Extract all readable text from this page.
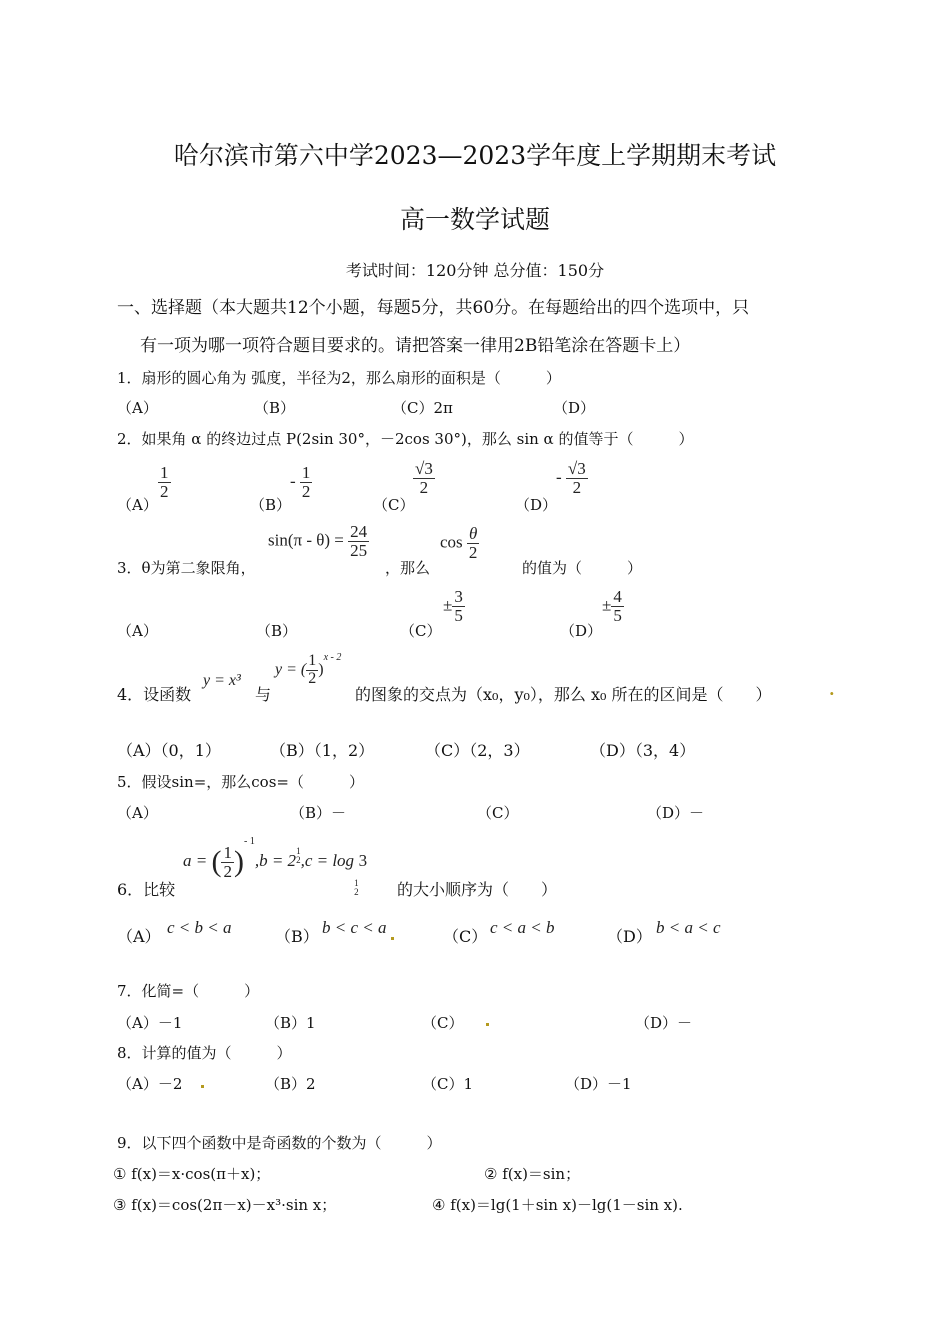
哈尔滨市第六中学2023—2023学年度上学期期末考试
高一数学试题
考试时间：120分钟 总分值：150分
一、选择题（本大题共12个小题，每题5分，共60分。在每题给出的四个选项中，只
有一项为哪一项符合题目要求的。请把答案一律用2B铅笔涂在答题卡上）
1．扇形的圆心角为 弧度，半径为2，那么扇形的面积是（　　　）
（A）	（B）	（C）2π	（D）
2．如果角 α 的终边过点 P(2sin 30°，－2cos 30°)，那么 sin α 的值等于（　　　）
（A）
$\frac{1}{2}$
（B）
- $\frac{1}{2}$
（C）
$\frac{√3}{2}$
（D）
- $\frac{√3}{2}$
3．θ为第二象限角，
$\sin(\pi - \theta) = \frac{24}{25}$
，那么
$\cos \frac{\theta}{2}$
的值为（　　　）
（A）	（B）	（C）
± $\frac{3}{5}$
（D）
± $\frac{4}{5}$
4．设函数
y = x³
与
y = ( $\frac{1}{2} )^{x - 2}$
的图象的交点为（x₀，y₀），那么 x₀ 所在的区间是（　　）	.
（A）（0，1）	（B）（1，2）	（C）（2，3）	（D）（3，4）
5．假设sin=，那么cos=（　　　）
（A）	（B）－	（C）	（D）－
6．比较
a = ( $\frac{1}{2} )^{- 1},b = 2$ $^{1 2}$ ,c = log
$_{1 2}$
3
的大小顺序为（　　）
（A） c < b < a	（B） b < c < a	（C） c < a < b	（D） b < a < c
7．化简=（　　　）
（A）－1	（B）1	（C）	（D）－
8．计算的值为（　　　）
（A）－2	（B）2	（C）1	（D）－1
9．以下四个函数中是奇函数的个数为（　　　）
① f(x)＝x·cos(π＋x)；	② f(x)＝sin；
③ f(x)＝cos(2π－x)－x³·sin x；	④ f(x)＝lg(1＋sin x)－lg(1－sin x).
